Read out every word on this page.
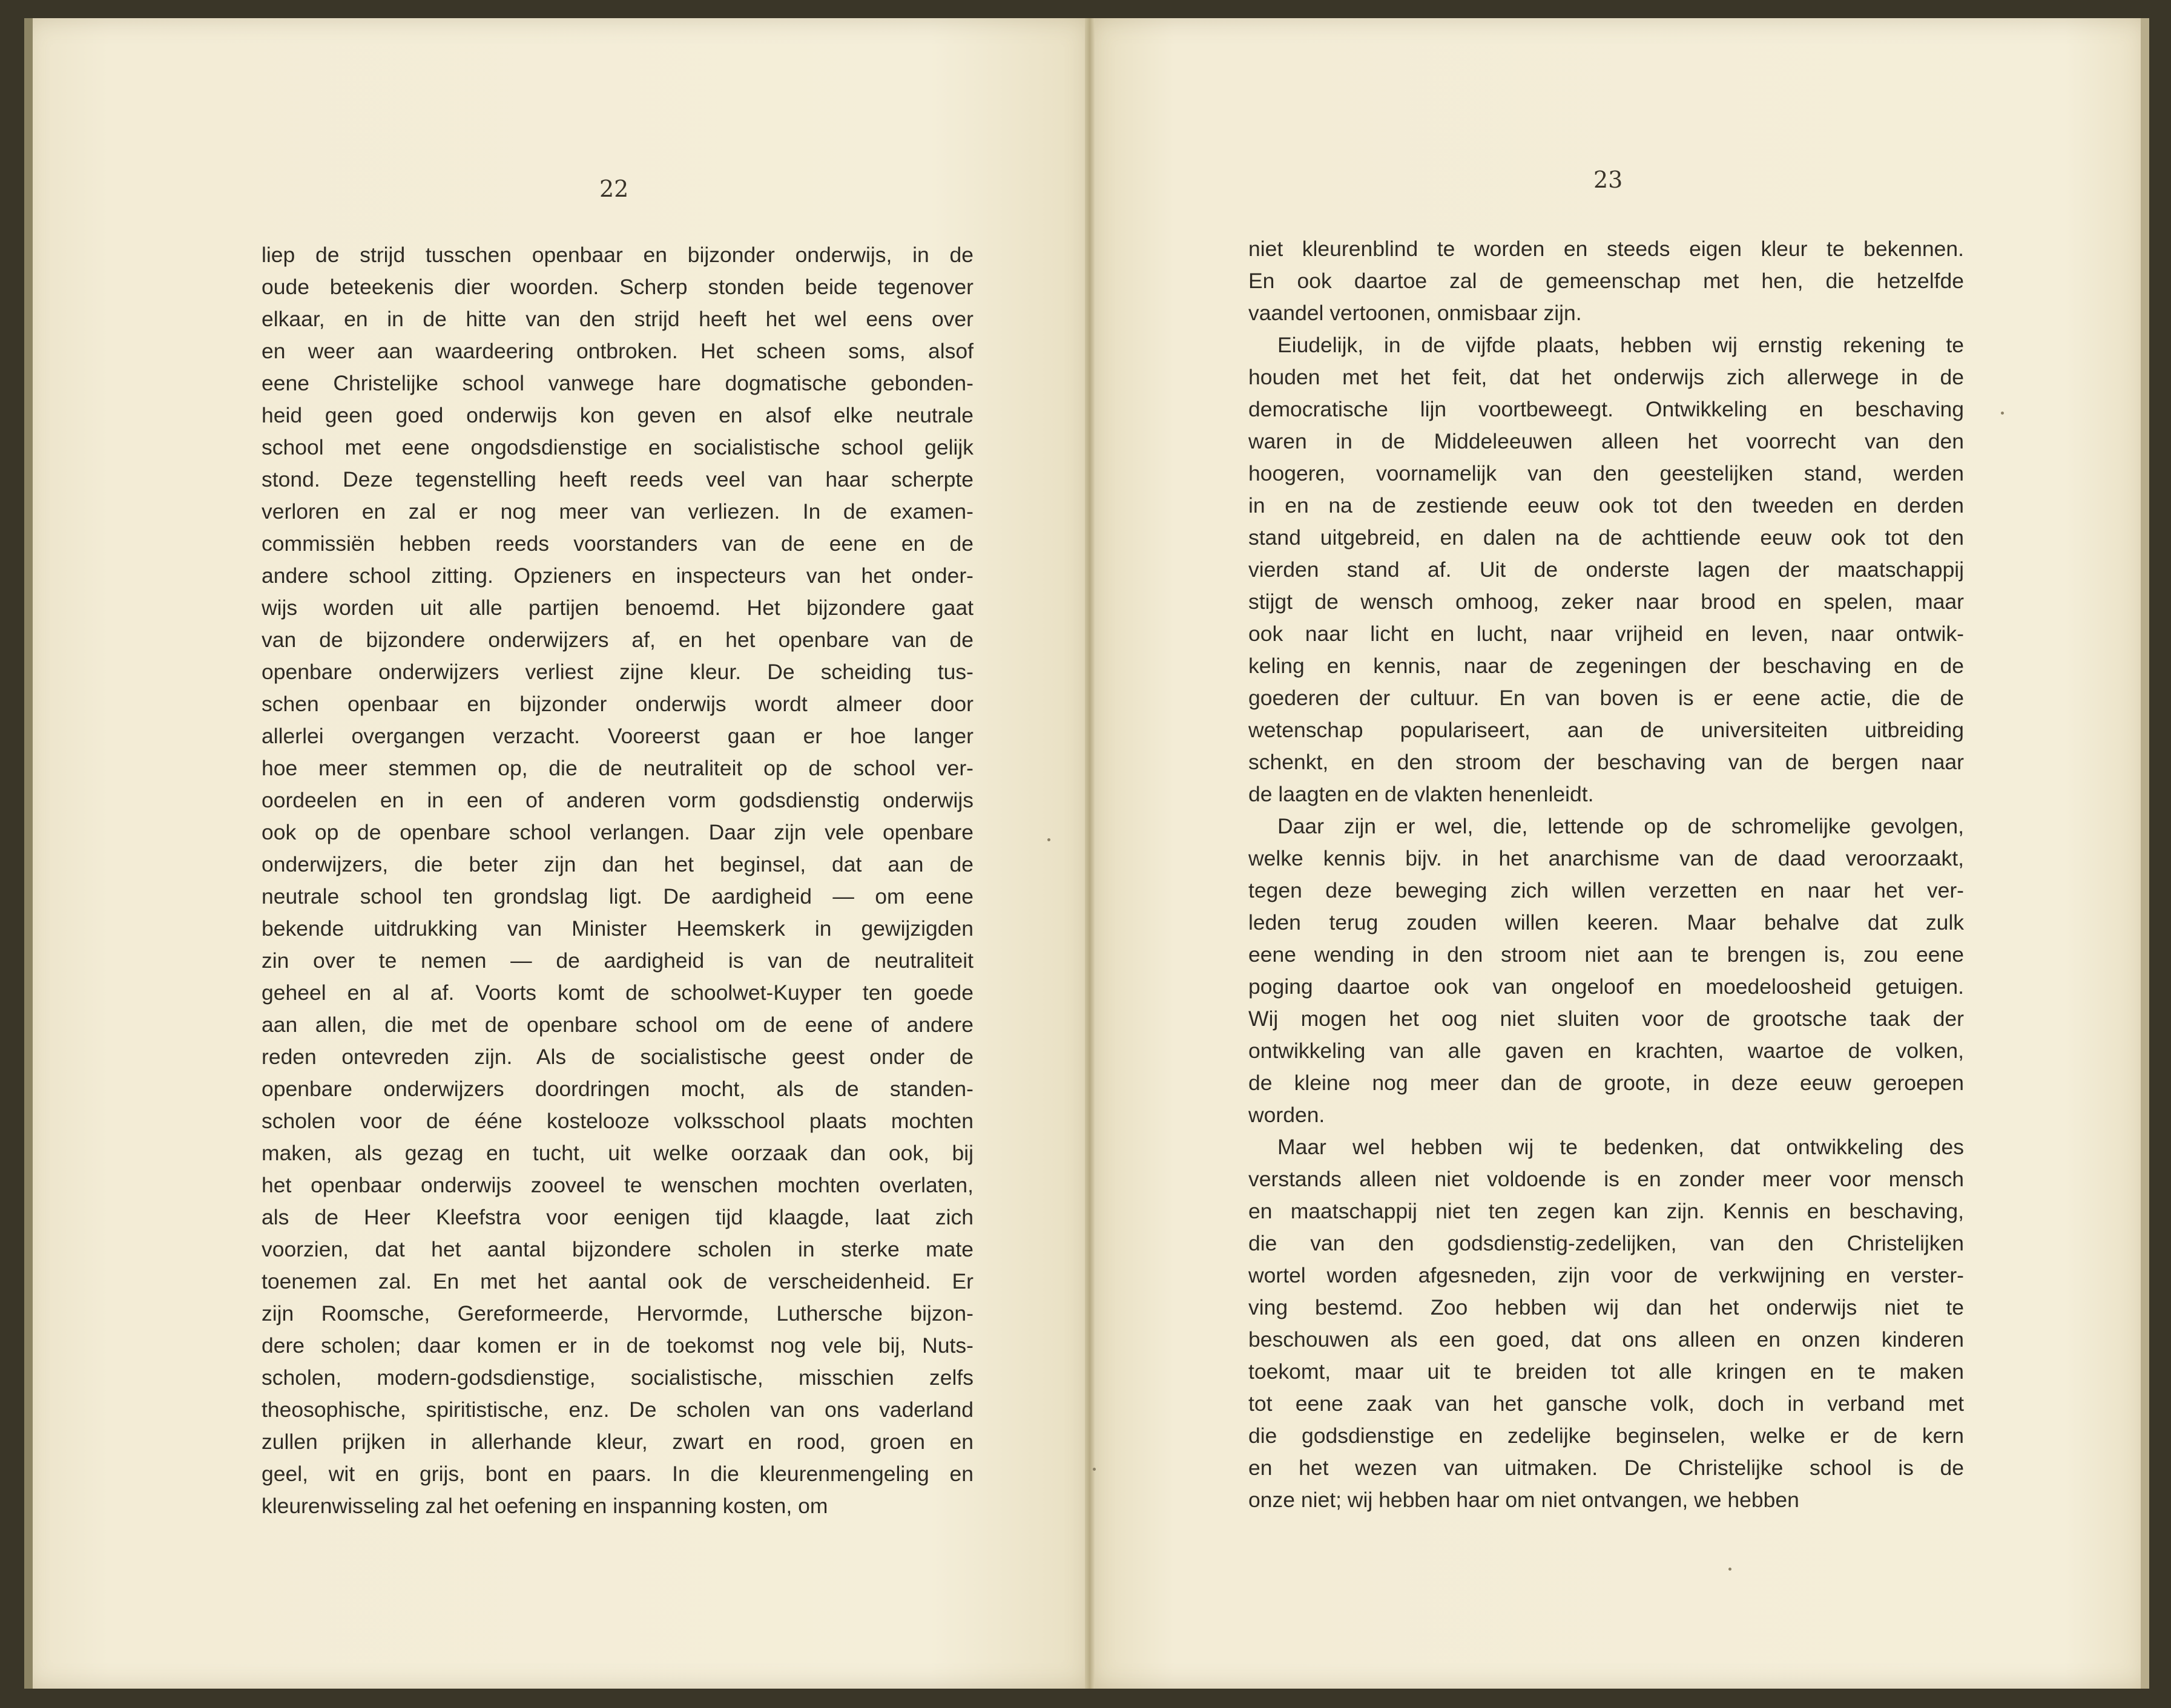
22	23
liep de strijd tusschen openbaar en bijzonder onderwijs, in de
oude beteekenis dier woorden. Scherp stonden beide tegenover
elkaar, en in de hitte van den strijd heeft het wel eens over
en weer aan waardeering ontbroken. Het scheen soms, alsof
eene Christelijke school vanwege hare dogmatische gebonden-
heid geen goed onderwijs kon geven en alsof elke neutrale
school met eene ongodsdienstige en socialistische school gelijk
stond. Deze tegenstelling heeft reeds veel van haar scherpte
verloren en zal er nog meer van verliezen. In de examen-
commissiën hebben reeds voorstanders van de eene en de
andere school zitting. Opzieners en inspecteurs van het onder-
wijs worden uit alle partijen benoemd. Het bijzondere gaat
van de bijzondere onderwijzers af, en het openbare van de
openbare onderwijzers verliest zijne kleur. De scheiding tus-
schen openbaar en bijzonder onderwijs wordt almeer door
allerlei overgangen verzacht. Vooreerst gaan er hoe langer
hoe meer stemmen op, die de neutraliteit op de school ver-
oordeelen en in een of anderen vorm godsdienstig onderwijs
ook op de openbare school verlangen. Daar zijn vele openbare
onderwijzers, die beter zijn dan het beginsel, dat aan de
neutrale school ten grondslag ligt. De aardigheid — om eene
bekende uitdrukking van Minister Heemskerk in gewijzigden
zin over te nemen — de aardigheid is van de neutraliteit
geheel en al af. Voorts komt de schoolwet-Kuyper ten goede
aan allen, die met de openbare school om de eene of andere
reden ontevreden zijn. Als de socialistische geest onder de
openbare onderwijzers doordringen mocht, als de standen-
scholen voor de ééne kostelooze volksschool plaats mochten
maken, als gezag en tucht, uit welke oorzaak dan ook, bij
het openbaar onderwijs zooveel te wenschen mochten overlaten,
als de Heer Kleefstra voor eenigen tijd klaagde, laat zich
voorzien, dat het aantal bijzondere scholen in sterke mate
toenemen zal. En met het aantal ook de verscheidenheid. Er
zijn Roomsche, Gereformeerde, Hervormde, Luthersche bijzon-
dere scholen; daar komen er in de toekomst nog vele bij, Nuts-
scholen, modern-godsdienstige, socialistische, misschien zelfs
theosophische, spiritistische, enz. De scholen van ons vaderland
zullen prijken in allerhande kleur, zwart en rood, groen en
geel, wit en grijs, bont en paars. In die kleurenmengeling en
kleurenwisseling zal het oefening en inspanning kosten, om
niet kleurenblind te worden en steeds eigen kleur te bekennen.
En ook daartoe zal de gemeenschap met hen, die hetzelfde
vaandel vertoonen, onmisbaar zijn.
Eiudelijk, in de vijfde plaats, hebben wij ernstig rekening te
houden met het feit, dat het onderwijs zich allerwege in de
democratische lijn voortbeweegt. Ontwikkeling en beschaving
waren in de Middeleeuwen alleen het voorrecht van den
hoogeren, voornamelijk van den geestelijken stand, werden
in en na de zestiende eeuw ook tot den tweeden en derden
stand uitgebreid, en dalen na de achttiende eeuw ook tot den
vierden stand af. Uit de onderste lagen der maatschappij
stijgt de wensch omhoog, zeker naar brood en spelen, maar
ook naar licht en lucht, naar vrijheid en leven, naar ontwik-
keling en kennis, naar de zegeningen der beschaving en de
goederen der cultuur. En van boven is er eene actie, die de
wetenschap populariseert, aan de universiteiten uitbreiding
schenkt, en den stroom der beschaving van de bergen naar
de laagten en de vlakten henenleidt.
Daar zijn er wel, die, lettende op de schromelijke gevolgen,
welke kennis bijv. in het anarchisme van de daad veroorzaakt,
tegen deze beweging zich willen verzetten en naar het ver-
leden terug zouden willen keeren. Maar behalve dat zulk
eene wending in den stroom niet aan te brengen is, zou eene
poging daartoe ook van ongeloof en moedeloosheid getuigen.
Wij mogen het oog niet sluiten voor de grootsche taak der
ontwikkeling van alle gaven en krachten, waartoe de volken,
de kleine nog meer dan de groote, in deze eeuw geroepen
worden.
Maar wel hebben wij te bedenken, dat ontwikkeling des
verstands alleen niet voldoende is en zonder meer voor mensch
en maatschappij niet ten zegen kan zijn. Kennis en beschaving,
die van den godsdienstig-zedelijken, van den Christelijken
wortel worden afgesneden, zijn voor de verkwijning en verster-
ving bestemd. Zoo hebben wij dan het onderwijs niet te
beschouwen als een goed, dat ons alleen en onzen kinderen
toekomt, maar uit te breiden tot alle kringen en te maken
tot eene zaak van het gansche volk, doch in verband met
die godsdienstige en zedelijke beginselen, welke er de kern
en het wezen van uitmaken. De Christelijke school is de
onze niet; wij hebben haar om niet ontvangen, we hebben
